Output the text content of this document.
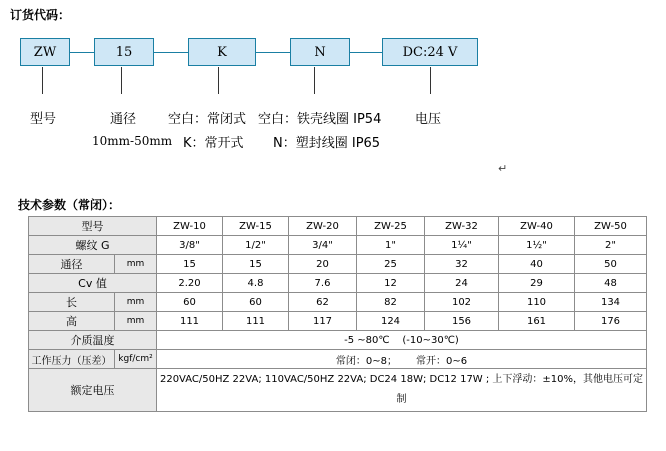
订货代码：
ZW	15	K	N	DC:24 V
型号	通径
10mm-50mm
空白：常闭式
K：常开式
空白：铁壳线圈 IP54
N：塑封线圈 IP65
电压
↵
技术参数（常闭）：
型号		ZW-10	ZW-15	ZW-20	ZW-25	ZW-32	ZW-40	ZW-50
螺纹 G		3/8"	1/2"	3/4"	1"	1¼"	1½"	2"
通径	mm	15	15	20	25	32	40	50
Cv 值		2.20	4.8	7.6	12	24	29	48
长	mm	60	60	62	82	102	110	134
高	mm	111	111	117	124	156	161	176
介质温度		-5 ~80℃    (-10~30℃)						
工作压力（压差）	kgf/cm²	常闭：0~8；      常开：0~6						
额定电压		220VAC/50HZ 22VA; 110VAC/50HZ 22VA; DC24 18W; DC12 17W ; 上下浮动：±10%，其他电压可定制						
